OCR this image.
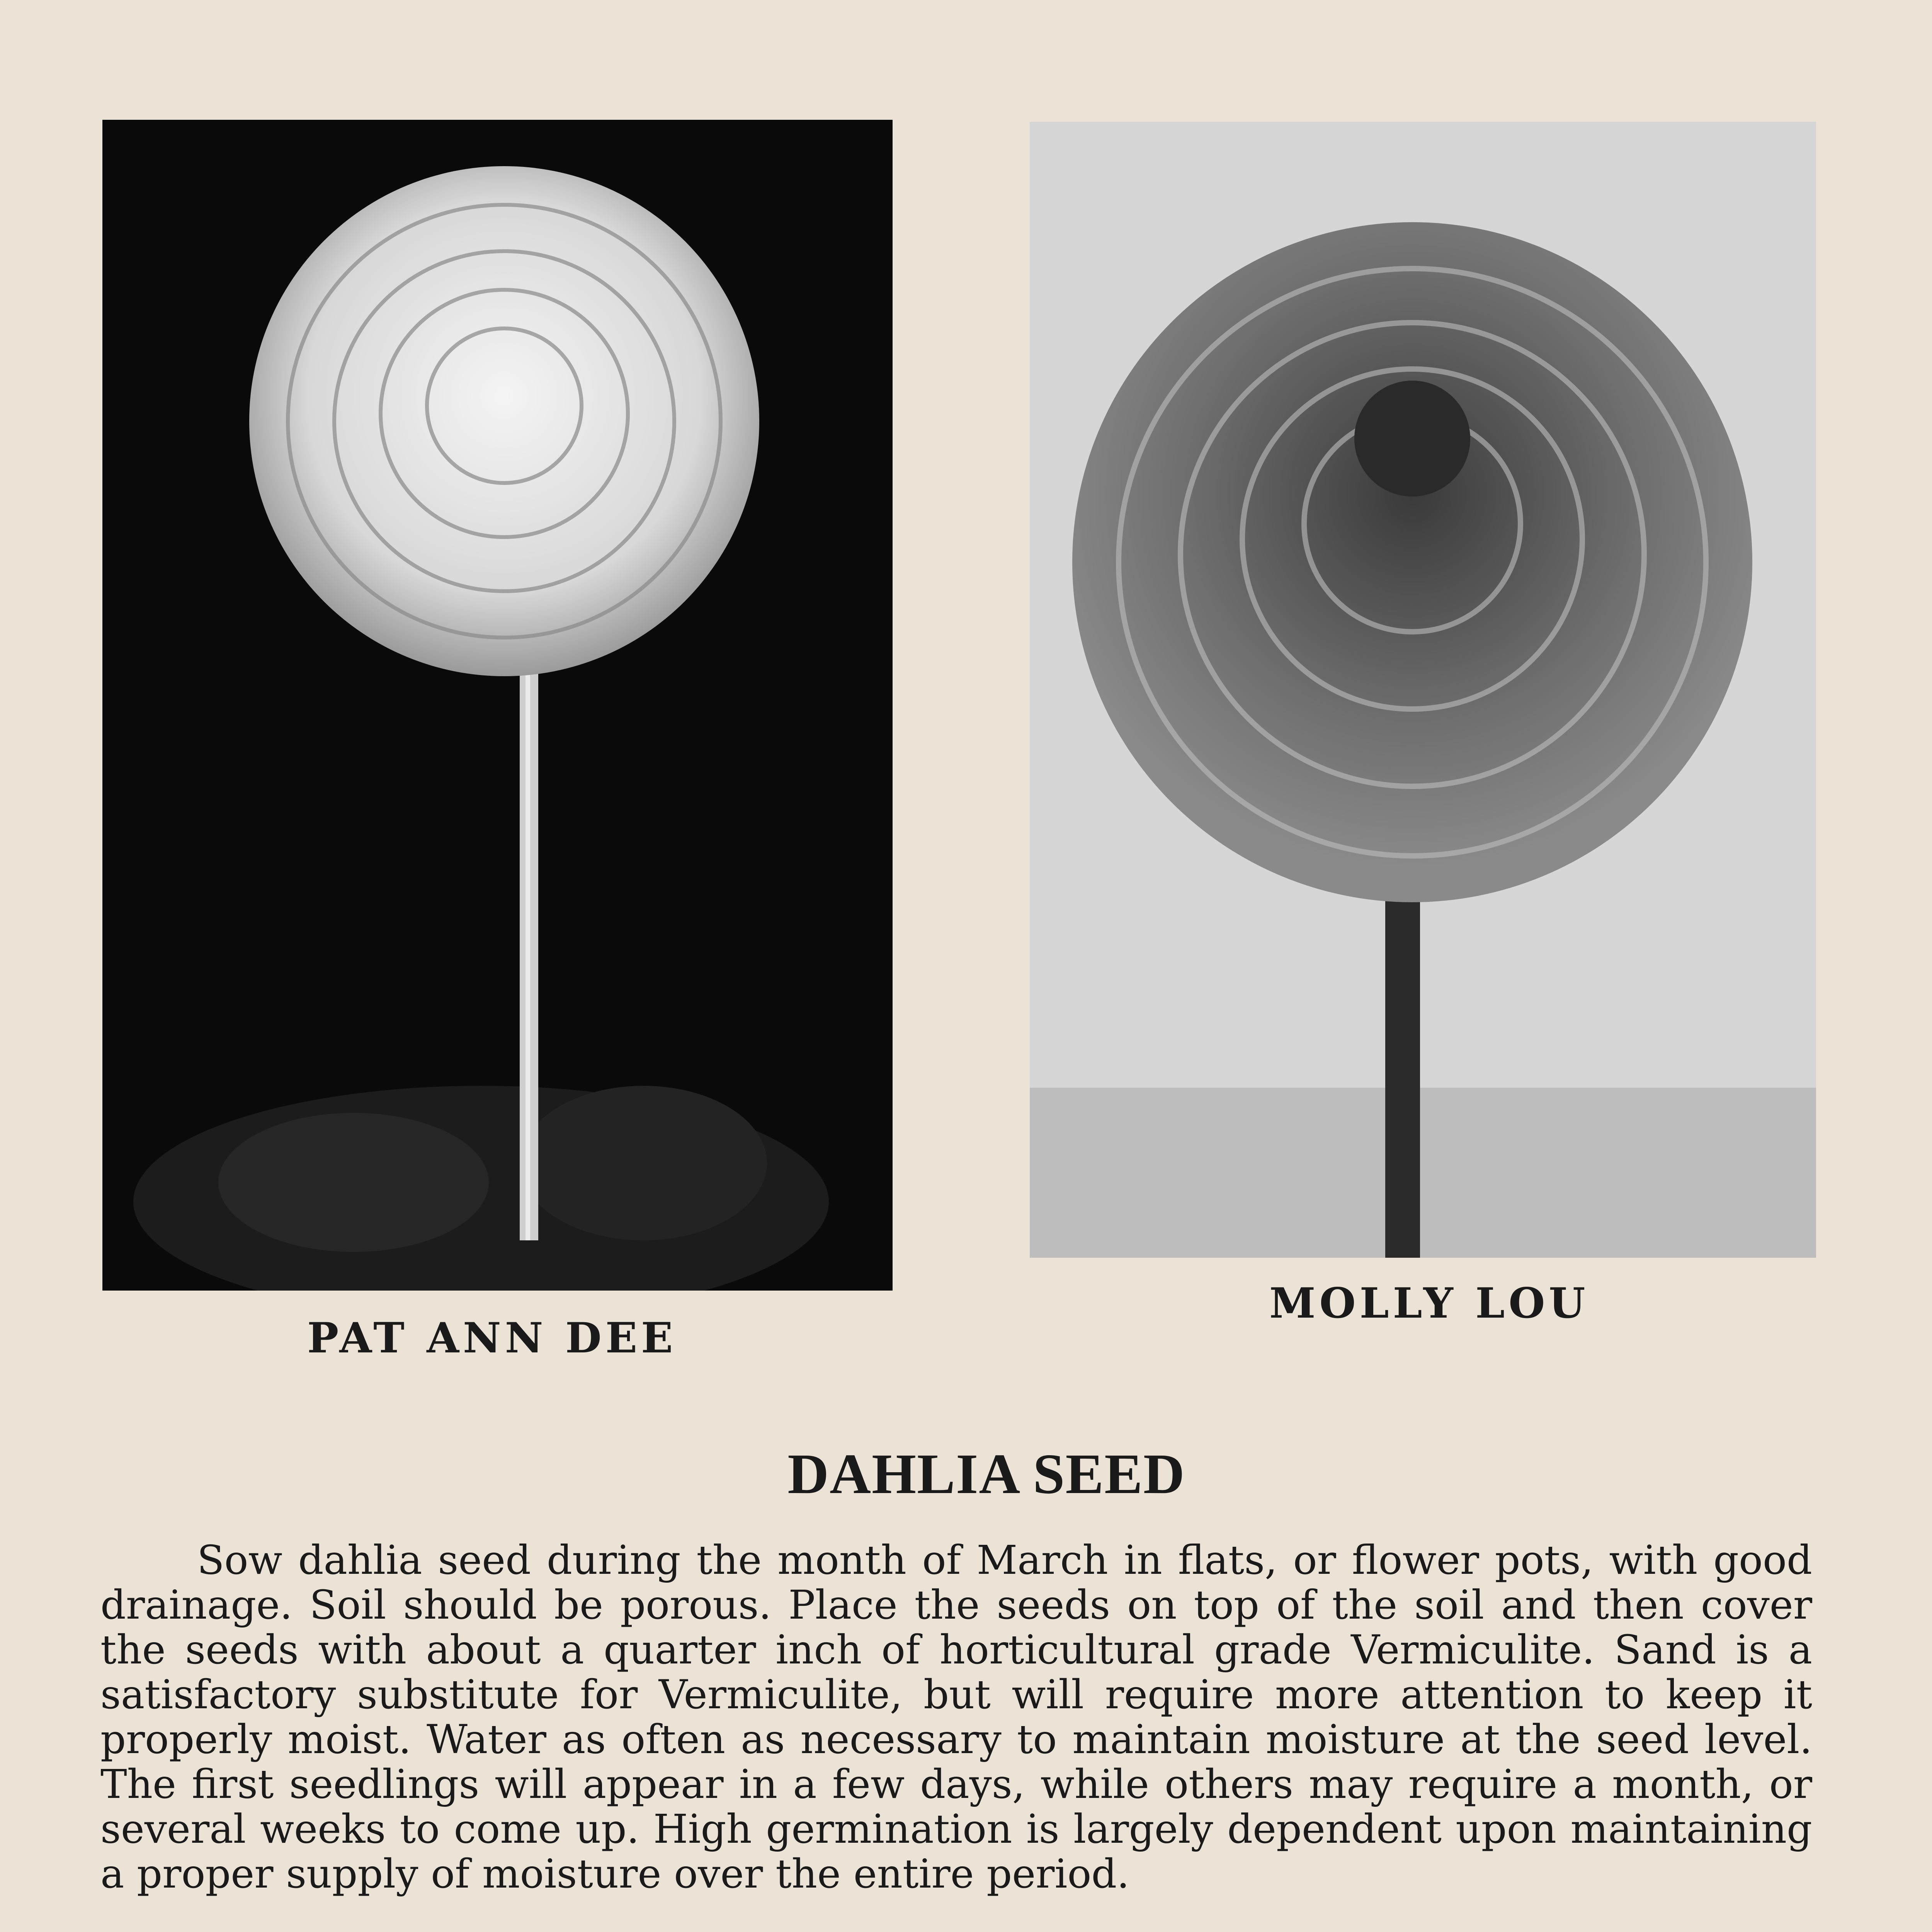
PAT ANN DEE
MOLLY LOU
DAHLIA SEED
Sow dahlia seed during the month of March in flats, or flower pots, with good drainage. Soil should be porous. Place the seeds on top of the soil and then cover the seeds with about a quarter inch of horticultural grade Vermiculite. Sand is a satisfactory substitute for Vermiculite, but will require more attention to keep it properly moist. Water as often as necessary to maintain moisture at the seed level. The first seedlings will appear in a few days, while others may require a month, or several weeks to come up. High germination is largely dependent upon maintaining a proper supply of moisture over the entire period.
